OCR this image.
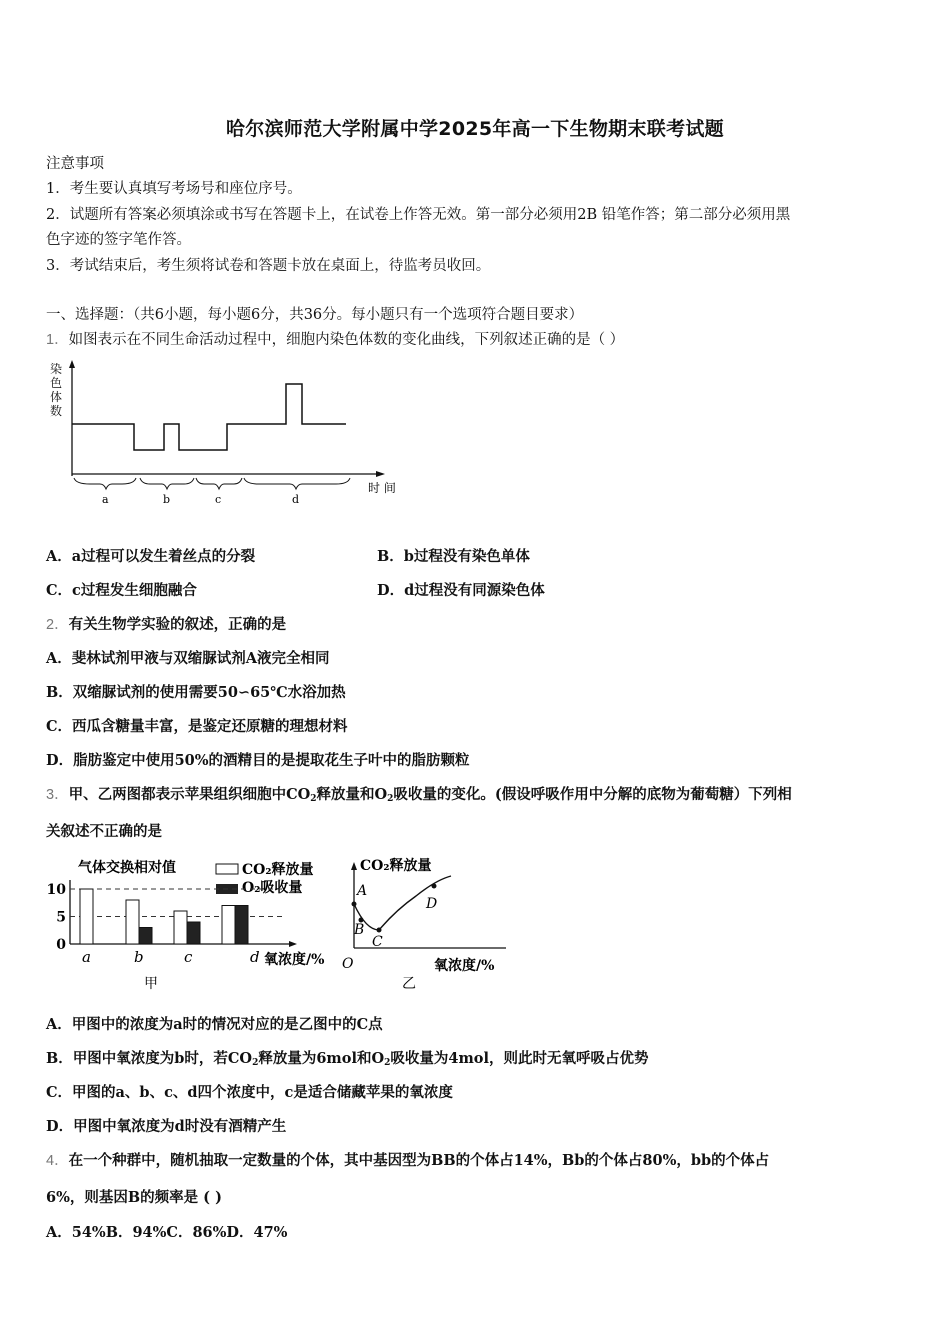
哈尔滨师范大学附属中学2025年高一下生物期末联考试题
注意事项
1．考生要认真填写考场号和座位序号。
2．试题所有答案必须填涂或书写在答题卡上，在试卷上作答无效。第一部分必须用2B 铅笔作答；第二部分必须用黑
色字迹的签字笔作答。
3．考试结束后，考生须将试卷和答题卡放在桌面上，待监考员收回。
一、选择题：（共6小题，每小题6分，共36分。每小题只有一个选项符合题目要求）
1．如图表示在不同生命活动过程中，细胞内染色体数的变化曲线，下列叙述正确的是（ ）
染
色
体
数
时 间
a	b	c	d
A．a过程可以发生着丝点的分裂	B．b过程没有染色单体
C．c过程发生细胞融合	D．d过程没有同源染色体
2．有关生物学实验的叙述，正确的是
A．斐林试剂甲液与双缩脲试剂A液完全相同
B．双缩脲试剂的使用需要50∽65℃水浴加热
C．西瓜含糖量丰富，是鉴定还原糖的理想材料
D．脂肪鉴定中使用50%的酒精目的是提取花生子叶中的脂肪颗粒
3．甲、乙两图都表示苹果组织细胞中$CO_2$释放量和$O_2$吸收量的变化。(假设呼吸作用中分解的底物为葡萄糖）下列相
关叙述不正确的是
气体交换相对值	CO₂释放量
O₂吸收量
10
5
0
d
a	b	c	氧浓度/%
甲
CO₂释放量
A
B
C
D
O	氧浓度/%
乙
A．甲图中的浓度为a时的情况对应的是乙图中的C点
B．甲图中氧浓度为b时，若$CO_2$释放量为6mol和$O_2$吸收量为4mol，则此时无氧呼吸占优势
C．甲图的a、b、c、d四个浓度中，c是适合储藏苹果的氧浓度
D．甲图中氧浓度为d时没有酒精产生
4．在一个种群中，随机抽取一定数量的个体，其中基因型为BB的个体占14%，Bb的个体占80%，bb的个体占
6%，则基因B的频率是 ( )
A．54%B．94%C．86%D．47%
